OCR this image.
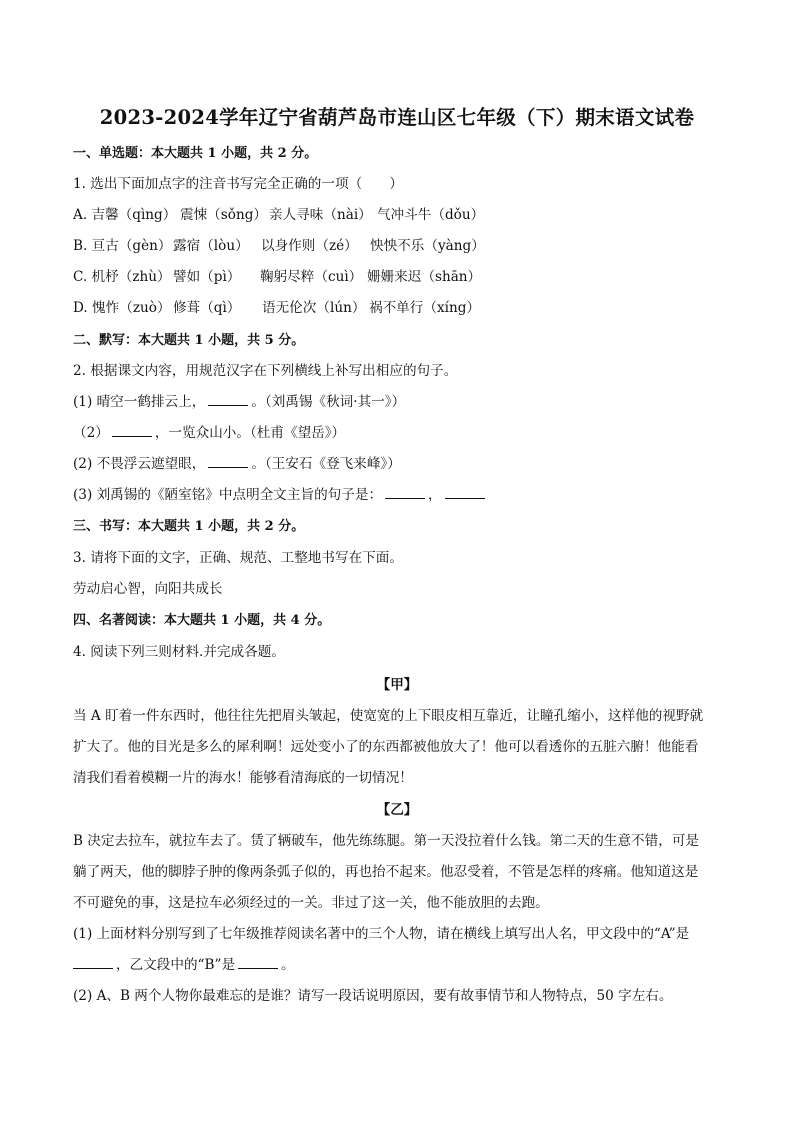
2023-2024学年辽宁省葫芦岛市连山区七年级（下）期末语文试卷
一、单选题：本大题共 1 小题，共 2 分。
1. 选出下面加点字的注音书写完全正确的一项（　　）
A. 吉馨（qìng） 震悚（sǒng） 亲人寻味（nài） 气冲斗牛（dǒu）
B. 亘古（gèn） 露宿（lòu） 以身作则（zé） 怏怏不乐（yàng）
C. 机杼（zhù） 譬如（pì） 鞠躬尽粹（cuì） 姗姗来迟（shān）
D. 愧怍（zuò） 修葺（qì） 语无伦次（lún） 祸不单行（xíng）
二、默写：本大题共 1 小题，共 5 分。
2. 根据课文内容，用规范汉字在下列横线上补写出相应的句子。
(1) 晴空一鹤排云上，	。（刘禹锡《秋词·其一》）
（2）	，一览众山小。（杜甫《望岳》）
(2) 不畏浮云遮望眼，	。（王安石《登飞来峰》）
(3) 刘禹锡的《陋室铭》中点明全文主旨的句子是：	，
三、书写：本大题共 1 小题，共 2 分。
3. 请将下面的文字，正确、规范、工整地书写在下面。
劳动启心智，向阳共成长
四、名著阅读：本大题共 1 小题，共 4 分。
4. 阅读下列三则材料.并完成各题。
【甲】
当 A 盯着一件东西时，他往往先把眉头皱起，使宽宽的上下眼皮相互靠近，让瞳孔缩小，这样他的视野就
扩大了。他的目光是多么的犀利啊！远处变小了的东西都被他放大了！他可以看透你的五脏六腑！他能看
清我们看着模糊一片的海水！能够看清海底的一切情况！
【乙】
B 决定去拉车，就拉车去了。赁了辆破车，他先练练腿。第一天没拉着什么钱。第二天的生意不错，可是
躺了两天，他的脚脖子肿的像两条弧子似的，再也抬不起来。他忍受着，不管是怎样的疼痛。他知道这是
不可避免的事，这是拉车必须经过的一关。非过了这一关，他不能放胆的去跑。
(1) 上面材料分别写到了七年级推荐阅读名著中的三个人物，请在横线上填写出人名，甲文段中的“A”是
，乙文段中的“B”是	。
(2) A、B 两个人物你最难忘的是谁？请写一段话说明原因，要有故事情节和人物特点，50 字左右。
